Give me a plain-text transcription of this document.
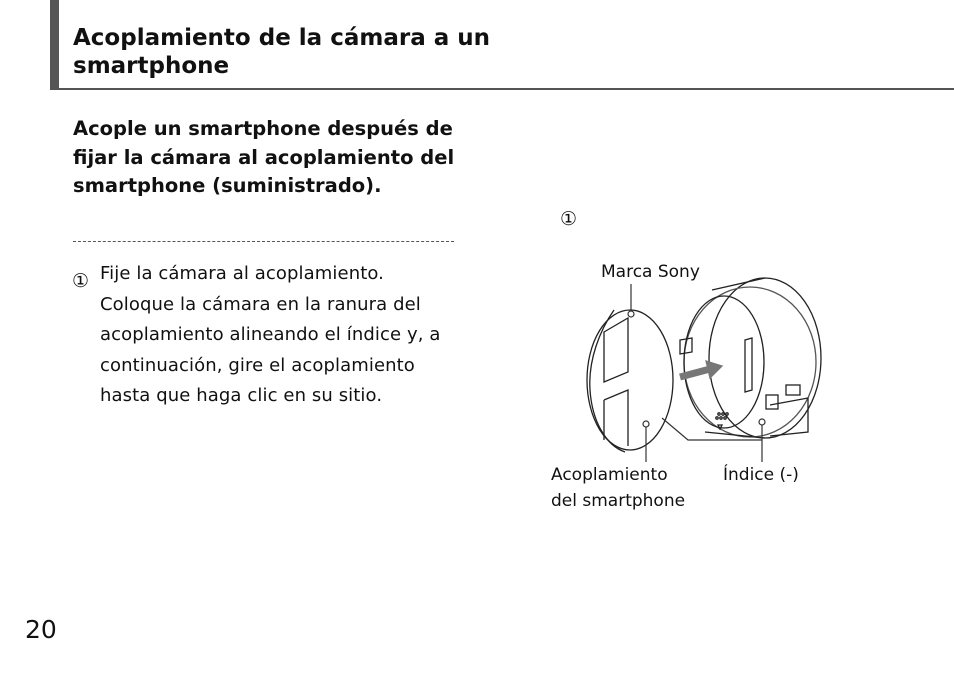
Acoplamiento de la cámara a un smartphone

Acople un smartphone después de fijar la cámara al acoplamiento del smartphone (suministrado).

① Fije la cámara al acoplamiento. Coloque la cámara en la ranura del acoplamiento alineando el índice y, a continuación, gire el acoplamiento hasta que haga clic en su sitio.

①
Marca Sony
Acoplamiento
del smartphone
Índice (-)
20
